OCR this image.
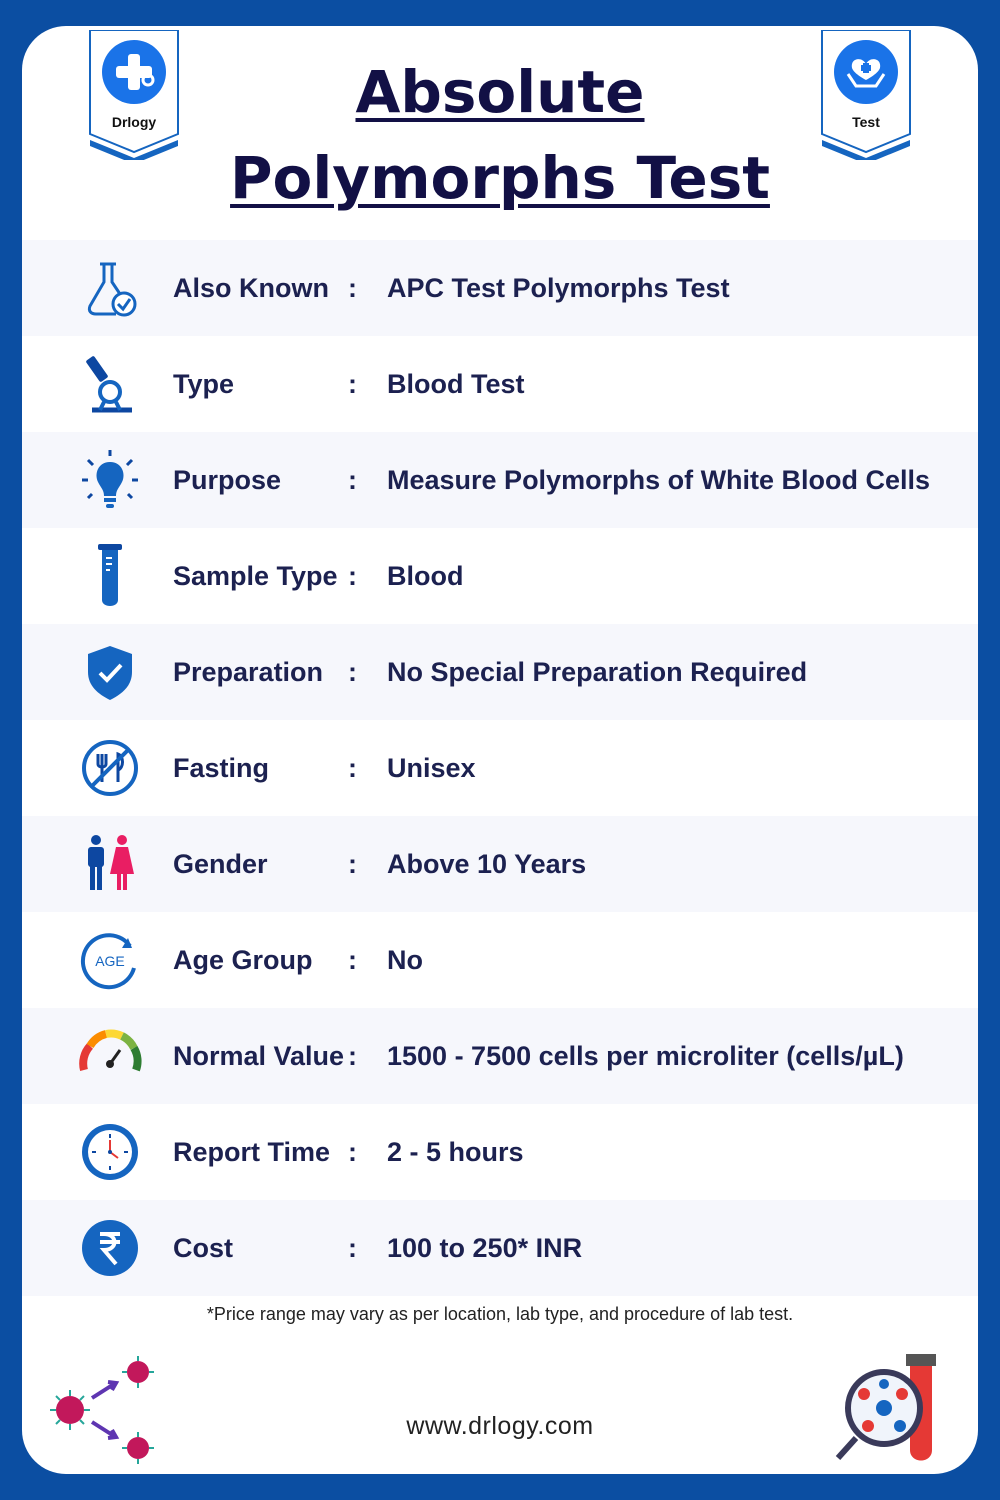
Drlogy	Test
Absolute
Polymorphs Test
Also Known : APC Test Polymorphs Test
Type	: Blood Test
Purpose : Measure Polymorphs of White Blood Cells
Sample Type : Blood
Preparation : No Special Preparation Required
Fasting	: Unisex
Gender	: Above 10 Years
AGE Age Group : No
Normal Value : 1500 - 7500 cells per microliter (cells/µL)
Report Time : 2 - 5 hours
Cost	: 100 to 250* INR
*Price range may vary as per location, lab type, and procedure of lab test.
www.drlogy.com
